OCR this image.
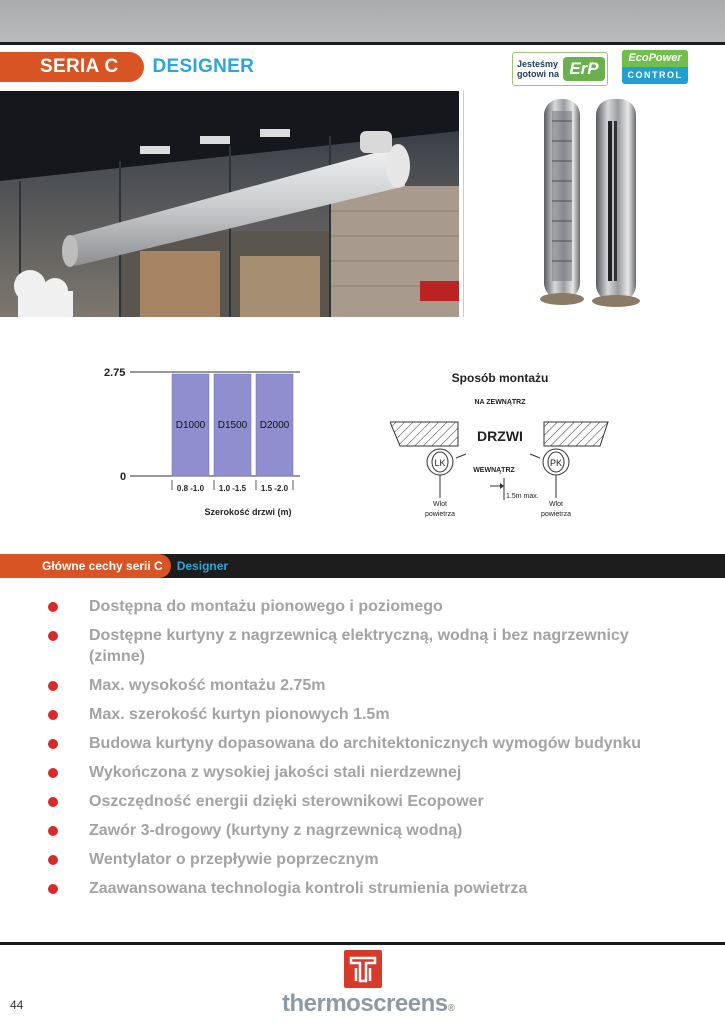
SERIA C	DESIGNER	Jesteśmy gotowi na ErP
EcoPower
CONTROL
2.75
0
D1000
0.8 -1.0
D1500
1.0 -1.5
D2000
1.5 -2.0
Szerokość drzwi (m)
Sposób montażu
NA ZEWNĄTRZ
DRZWI
LK	PK
WEWNĄTRZ
1.5m max.
Wlot
powietrza
Wlot
powietrza
Główne cechy serii C	Designer
Dostępna do montażu pionowego i poziomego
Dostępne kurtyny z nagrzewnicą elektryczną, wodną i bez nagrzewnicy (zimne)
Max. wysokość montażu 2.75m
Max. szerokość kurtyn pionowych 1.5m
Budowa kurtyny dopasowana do architektonicznych wymogów budynku
Wykończona z wysokiej jakości stali nierdzewnej
Oszczędność energii dzięki sterownikowi Ecopower
Zawór 3-drogowy (kurtyny z nagrzewnicą wodną)
Wentylator o przepływie poprzecznym
Zaawansowana technologia kontroli strumienia powietrza
44	thermoscreens®
